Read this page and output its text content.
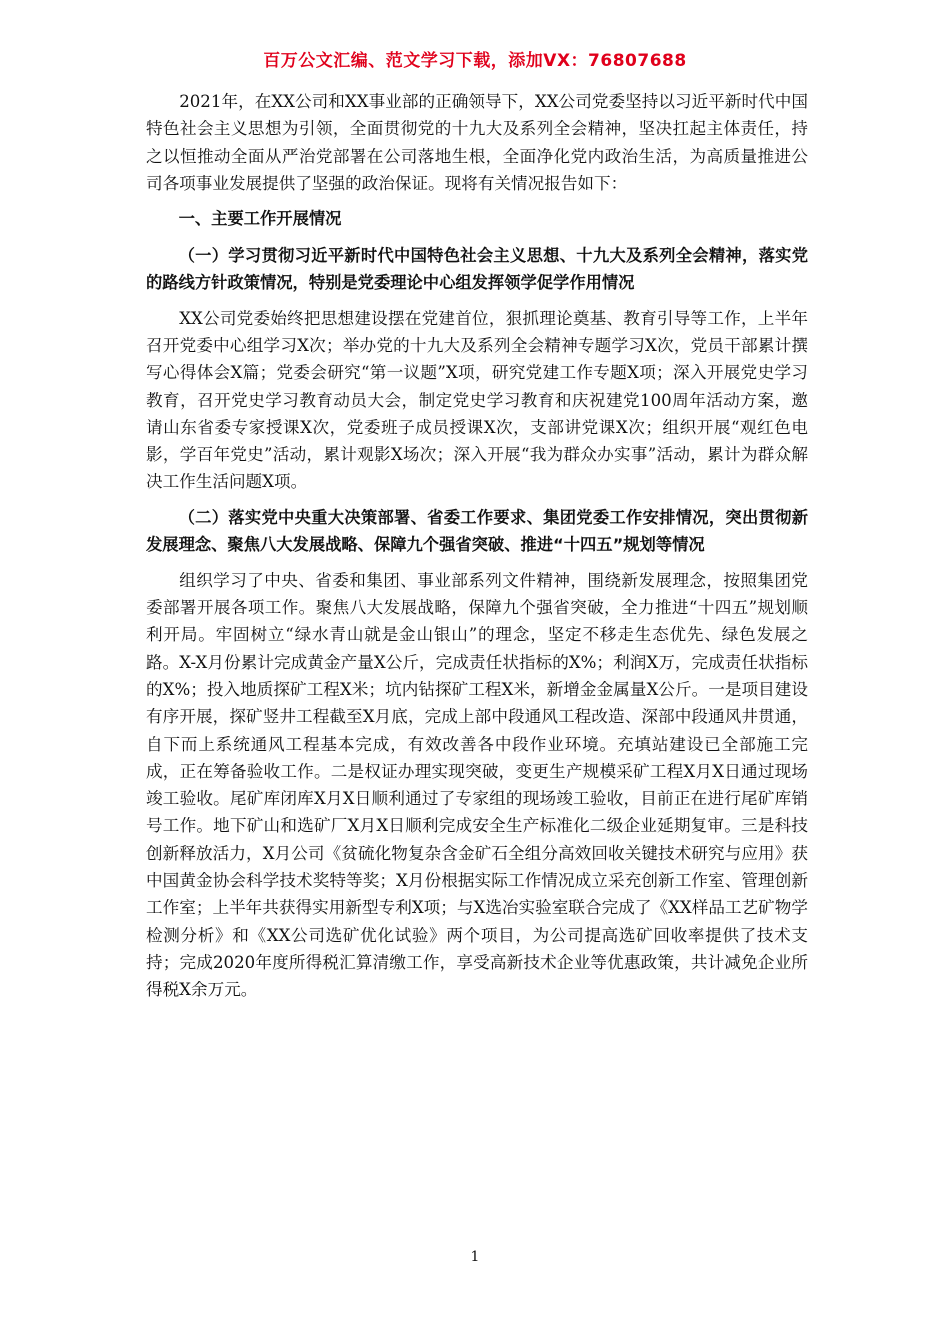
百万公文汇编、范文学习下载，添加VX：76807688

2021年，在XX公司和XX事业部的正确领导下，XX公司党委坚持以习近平新时代中国特色社会主义思想为引领，全面贯彻党的十九大及系列全会精神，坚决扛起主体责任，持之以恒推动全面从严治党部署在公司落地生根，全面净化党内政治生活，为高质量推进公司各项事业发展提供了坚强的政治保证。现将有关情况报告如下：

一、主要工作开展情况

（一）学习贯彻习近平新时代中国特色社会主义思想、十九大及系列全会精神，落实党的路线方针政策情况，特别是党委理论中心组发挥领学促学作用情况

XX公司党委始终把思想建设摆在党建首位，狠抓理论奠基、教育引导等工作，上半年召开党委中心组学习X次；举办党的十九大及系列全会精神专题学习X次，党员干部累计撰写心得体会X篇；党委会研究“第一议题”X项，研究党建工作专题X项；深入开展党史学习教育，召开党史学习教育动员大会，制定党史学习教育和庆祝建党100周年活动方案，邀请山东省委专家授课X次，党委班子成员授课X次，支部讲党课X次；组织开展“观红色电影，学百年党史”活动，累计观影X场次；深入开展“我为群众办实事”活动，累计为群众解决工作生活问题X项。

（二）落实党中央重大决策部署、省委工作要求、集团党委工作安排情况，突出贯彻新发展理念、聚焦八大发展战略、保障九个强省突破、推进“十四五”规划等情况

组织学习了中央、省委和集团、事业部系列文件精神，围绕新发展理念，按照集团党委部署开展各项工作。聚焦八大发展战略，保障九个强省突破，全力推进“十四五”规划顺利开局。牢固树立“绿水青山就是金山银山”的理念，坚定不移走生态优先、绿色发展之路。X-X月份累计完成黄金产量X公斤，完成责任状指标的X%；利润X万，完成责任状指标的X%；投入地质探矿工程X米；坑内钻探矿工程X米，新增金金属量X公斤。一是项目建设有序开展，探矿竖井工程截至X月底，完成上部中段通风工程改造、深部中段通风井贯通，自下而上系统通风工程基本完成，有效改善各中段作业环境。充填站建设已全部施工完成，正在筹备验收工作。二是权证办理实现突破，变更生产规模采矿工程X月X日通过现场竣工验收。尾矿库闭库X月X日顺利通过了专家组的现场竣工验收，目前正在进行尾矿库销号工作。地下矿山和选矿厂X月X日顺利完成安全生产标准化二级企业延期复审。三是科技创新释放活力，X月公司《贫硫化物复杂含金矿石全组分高效回收关键技术研究与应用》获中国黄金协会科学技术奖特等奖；X月份根据实际工作情况成立采充创新工作室、管理创新工作室；上半年共获得实用新型专利X项；与X选冶实验室联合完成了《XX样品工艺矿物学检测分析》和《XX公司选矿优化试验》两个项目，为公司提高选矿回收率提供了技术支持；完成2020年度所得税汇算清缴工作，享受高新技术企业等优惠政策，共计减免企业所得税X余万元。

1
